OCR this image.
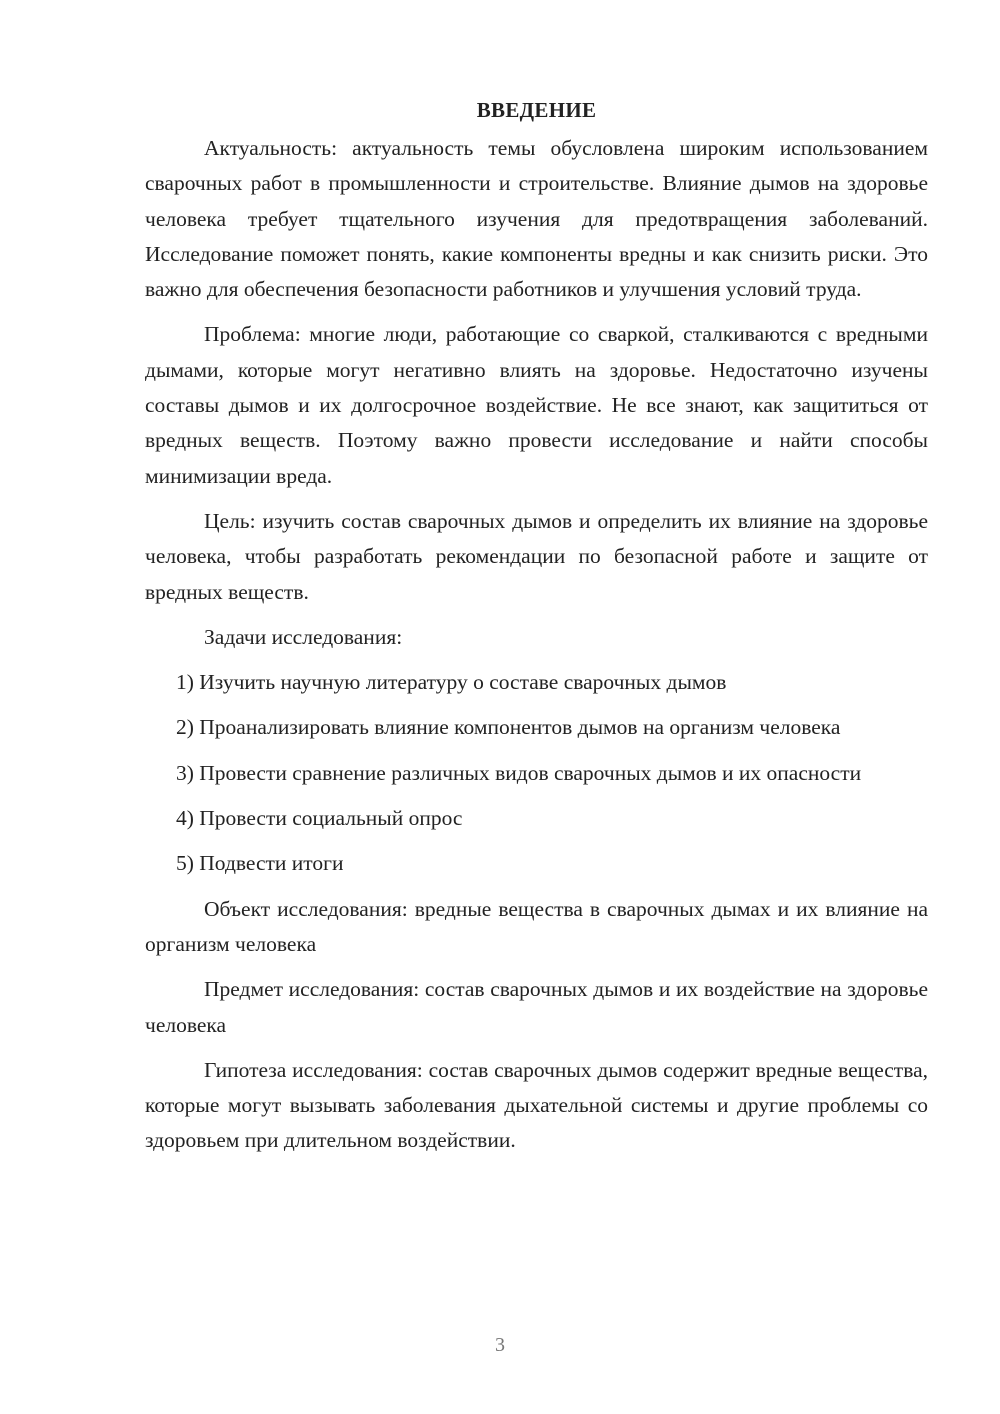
ВВЕДЕНИЕ

Актуальность: актуальность темы обусловлена широким использованием сварочных работ в промышленности и строительстве. Влияние дымов на здоровье человека требует тщательного изучения для предотвращения заболеваний. Исследование поможет понять, какие компоненты вредны и как снизить риски. Это важно для обеспечения безопасности работников и улучшения условий труда.

Проблема: многие люди, работающие со сваркой, сталкиваются с вредными дымами, которые могут негативно влиять на здоровье. Недостаточно изучены составы дымов и их долгосрочное воздействие. Не все знают, как защититься от вредных веществ. Поэтому важно провести исследование и найти способы минимизации вреда.

Цель: изучить состав сварочных дымов и определить их влияние на здоровье человека, чтобы разработать рекомендации по безопасной работе и защите от вредных веществ.

Задачи исследования:

1) Изучить научную литературу о составе сварочных дымов

2) Проанализировать влияние компонентов дымов на организм человека

3) Провести сравнение различных видов сварочных дымов и их опасности

4) Провести социальный опрос

5) Подвести итоги

Объект исследования: вредные вещества в сварочных дымах и их влияние на организм человека

Предмет исследования: состав сварочных дымов и их воздействие на здоровье человека

Гипотеза исследования: состав сварочных дымов содержит вредные вещества, которые могут вызывать заболевания дыхательной системы и другие проблемы со здоровьем при длительном воздействии.

3
